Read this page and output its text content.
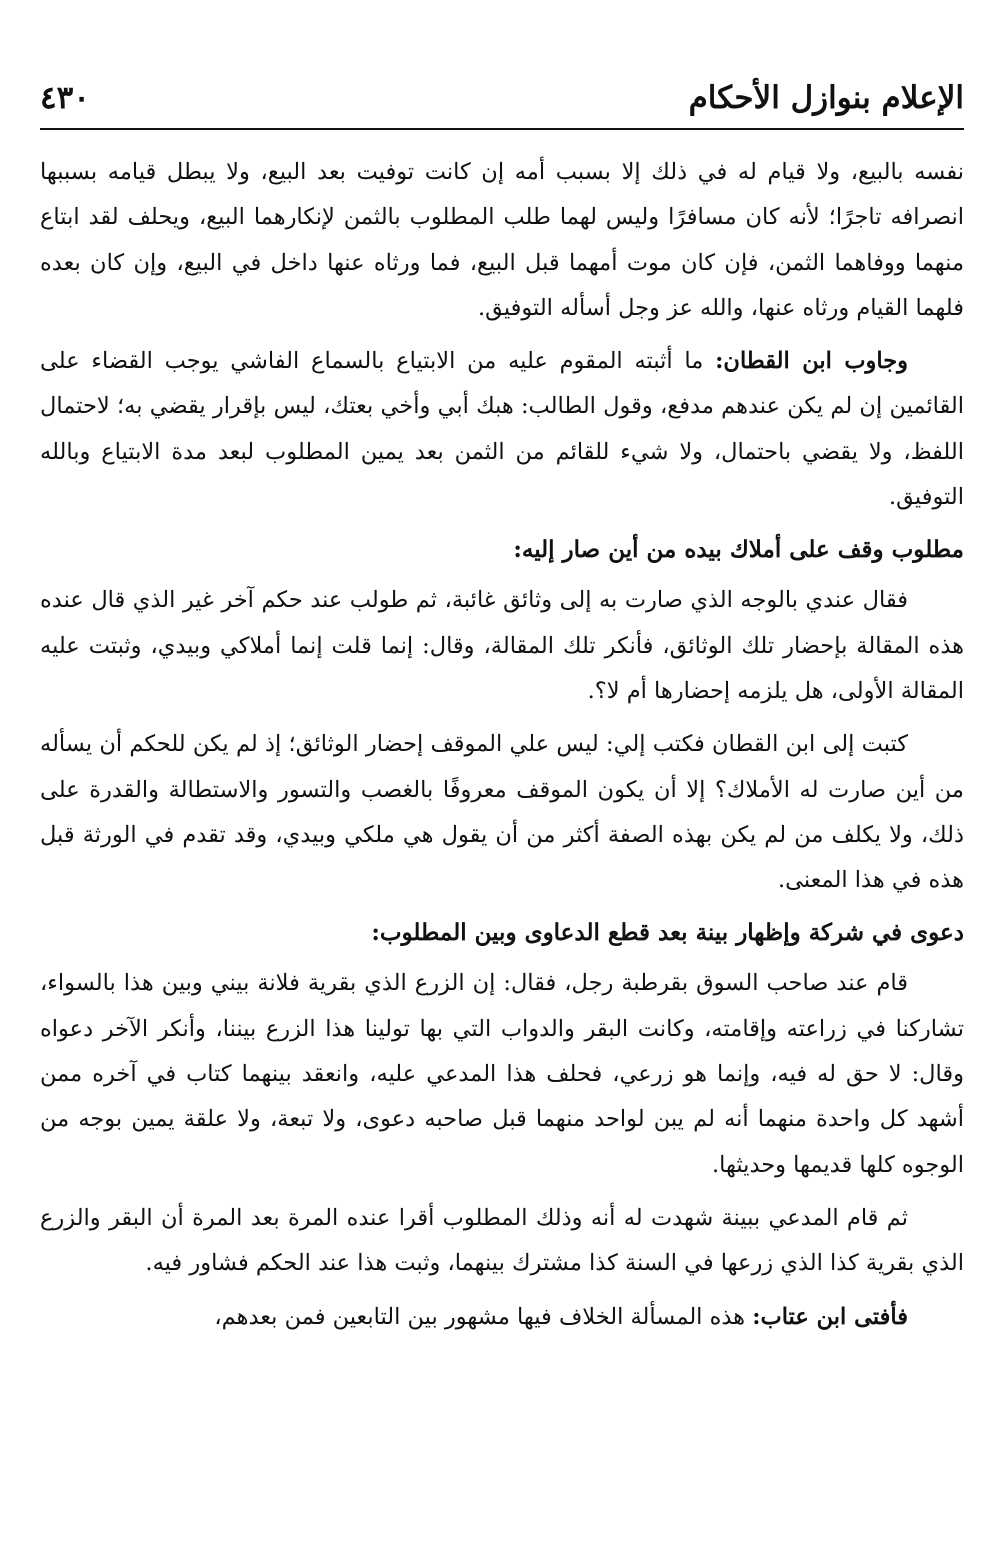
الإعلام بنوازل الأحكام
٤٣٠

نفسه بالبيع، ولا قيام له في ذلك إلا بسبب أمه إن كانت توفيت بعد البيع، ولا يبطل قيامه بسببها انصرافه تاجرًا؛ لأنه كان مسافرًا وليس لهما طلب المطلوب بالثمن لإنكارهما البيع، ويحلف لقد ابتاع منهما ووفاهما الثمن، فإن كان موت أمهما قبل البيع، فما ورثاه عنها داخل في البيع، وإن كان بعده فلهما القيام ورثاه عنها، والله عز وجل أسأله التوفيق.

وجاوب ابن القطان: ما أثبته المقوم عليه من الابتياع بالسماع الفاشي يوجب القضاء على القائمين إن لم يكن عندهم مدفع، وقول الطالب: هبك أبي وأخي بعتك، ليس بإقرار يقضي به؛ لاحتمال اللفظ، ولا يقضي باحتمال، ولا شيء للقائم من الثمن بعد يمين المطلوب لبعد مدة الابتياع وبالله التوفيق.

مطلوب وقف على أملاك بيده من أين صار إليه:

فقال عندي بالوجه الذي صارت به إلى وثائق غائبة، ثم طولب عند حكم آخر غير الذي قال عنده هذه المقالة بإحضار تلك الوثائق، فأنكر تلك المقالة، وقال: إنما قلت إنما أملاكي وبيدي، وثبتت عليه المقالة الأولى، هل يلزمه إحضارها أم لا؟.

كتبت إلى ابن القطان فكتب إلي: ليس علي الموقف إحضار الوثائق؛ إذ لم يكن للحكم أن يسأله من أين صارت له الأملاك؟ إلا أن يكون الموقف معروفًا بالغصب والتسور والاستطالة والقدرة على ذلك، ولا يكلف من لم يكن بهذه الصفة أكثر من أن يقول هي ملكي وبيدي، وقد تقدم في الورثة قبل هذه في هذا المعنى.

دعوى في شركة وإظهار بينة بعد قطع الدعاوى وبين المطلوب:

قام عند صاحب السوق بقرطبة رجل، فقال: إن الزرع الذي بقرية فلانة بيني وبين هذا بالسواء، تشاركنا في زراعته وإقامته، وكانت البقر والدواب التي بها تولينا هذا الزرع بيننا، وأنكر الآخر دعواه وقال: لا حق له فيه، وإنما هو زرعي، فحلف هذا المدعي عليه، وانعقد بينهما كتاب في آخره ممن أشهد كل واحدة منهما أنه لم يبن لواحد منهما قبل صاحبه دعوى، ولا تبعة، ولا علقة يمين بوجه من الوجوه كلها قديمها وحديثها.

ثم قام المدعي ببينة شهدت له أنه وذلك المطلوب أقرا عنده المرة بعد المرة أن البقر والزرع الذي بقرية كذا الذي زرعها في السنة كذا مشترك بينهما، وثبت هذا عند الحكم فشاور فيه.

فأفتى ابن عتاب: هذه المسألة الخلاف فيها مشهور بين التابعين فمن بعدهم،
